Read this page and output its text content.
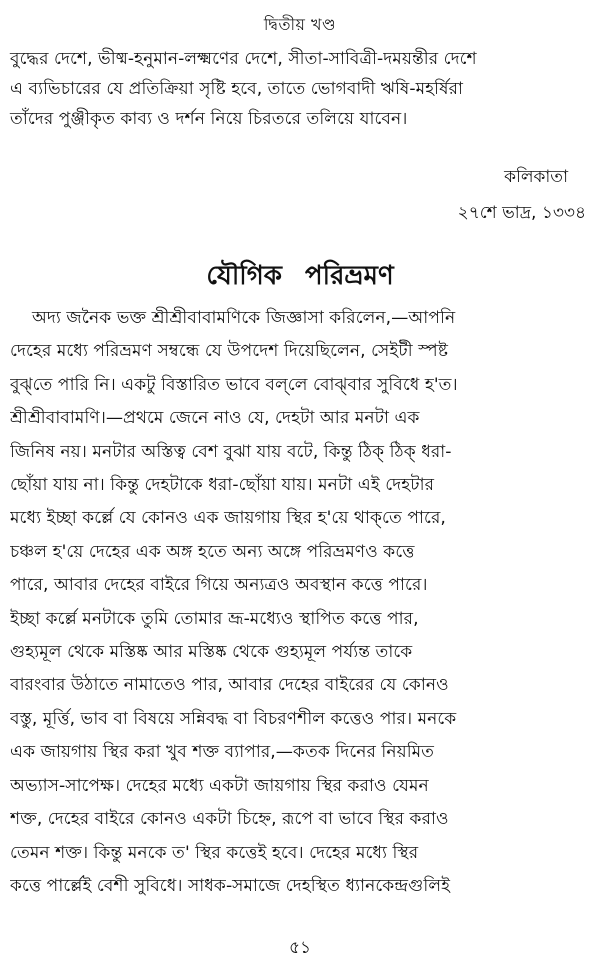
দ্বিতীয় খণ্ড
বুদ্ধের দেশে, ভীষ্ম-হনুমান-লক্ষ্মণের দেশে, সীতা-সাবিত্রী-দময়ন্তীর দেশে
এ ব্যভিচারের যে প্রতিক্রিয়া সৃষ্টি হবে, তাতে ভোগবাদী ঋষি-মহর্ষিরা
তাঁদের পুঞ্জীকৃত কাব্য ও দর্শন নিয়ে চিরতরে তলিয়ে যাবেন।
কলিকাতা
২৭শে ভাদ্র, ১৩৩৪
যৌগিক পরিভ্রমণ
অদ্য জনৈক ভক্ত শ্রীশ্রীবাবামণিকে জিজ্ঞাসা করিলেন,—আপনি
দেহের মধ্যে পরিভ্রমণ সম্বন্ধে যে উপদেশ দিয়েছিলেন, সেইটী স্পষ্ট
বুঝ্‌তে পারি নি। একটু বিস্তারিত ভাবে বল্‌লে বোঝ্‌বার সুবিধে হ'ত।
শ্রীশ্রীবাবামণি।—প্রথমে জেনে নাও যে, দেহটা আর মনটা এক
জিনিষ নয়। মনটার অস্তিত্ব বেশ বুঝা যায় বটে, কিন্তু ঠিক্ ঠিক্ ধরা-
ছোঁয়া যায় না। কিন্তু দেহটাকে ধরা-ছোঁয়া যায়। মনটা এই দেহটার
মধ্যে ইচ্ছা কর্ল্লে যে কোনও এক জায়গায় স্থির হ'য়ে থাক্‌তে পারে,
চঞ্চল হ'য়ে দেহের এক অঙ্গ হতে অন্য অঙ্গে পরিভ্রমণও কত্তে
পারে, আবার দেহের বাইরে গিয়ে অন্যত্রও অবস্থান কত্তে পারে।
ইচ্ছা কর্ল্লে মনটাকে তুমি তোমার ভ্রূ-মধ্যেও স্থাপিত কত্তে পার,
গুহ্যমূল থেকে মস্তিষ্ক আর মস্তিষ্ক থেকে গুহ্যমূল পর্য্যন্ত তাকে
বারংবার উঠাতে নামাতেও পার, আবার দেহের বাইরের যে কোনও
বস্তু, মূর্ত্তি, ভাব বা বিষয়ে সন্নিবদ্ধ বা বিচরণশীল কত্তেও পার। মনকে
এক জায়গায় স্থির করা খুব শক্ত ব্যাপার,—কতক দিনের নিয়মিত
অভ্যাস-সাপেক্ষ। দেহের মধ্যে একটা জায়গায় স্থির করাও যেমন
শক্ত, দেহের বাইরে কোনও একটা চিহ্নে, রূপে বা ভাবে স্থির করাও
তেমন শক্ত। কিন্তু মনকে ত' স্থির কত্তেই হবে। দেহের মধ্যে স্থির
কত্তে পার্ল্লেই বেশী সুবিধে। সাধক-সমাজে দেহস্থিত ধ্যানকেন্দ্রগুলিই
৫১
